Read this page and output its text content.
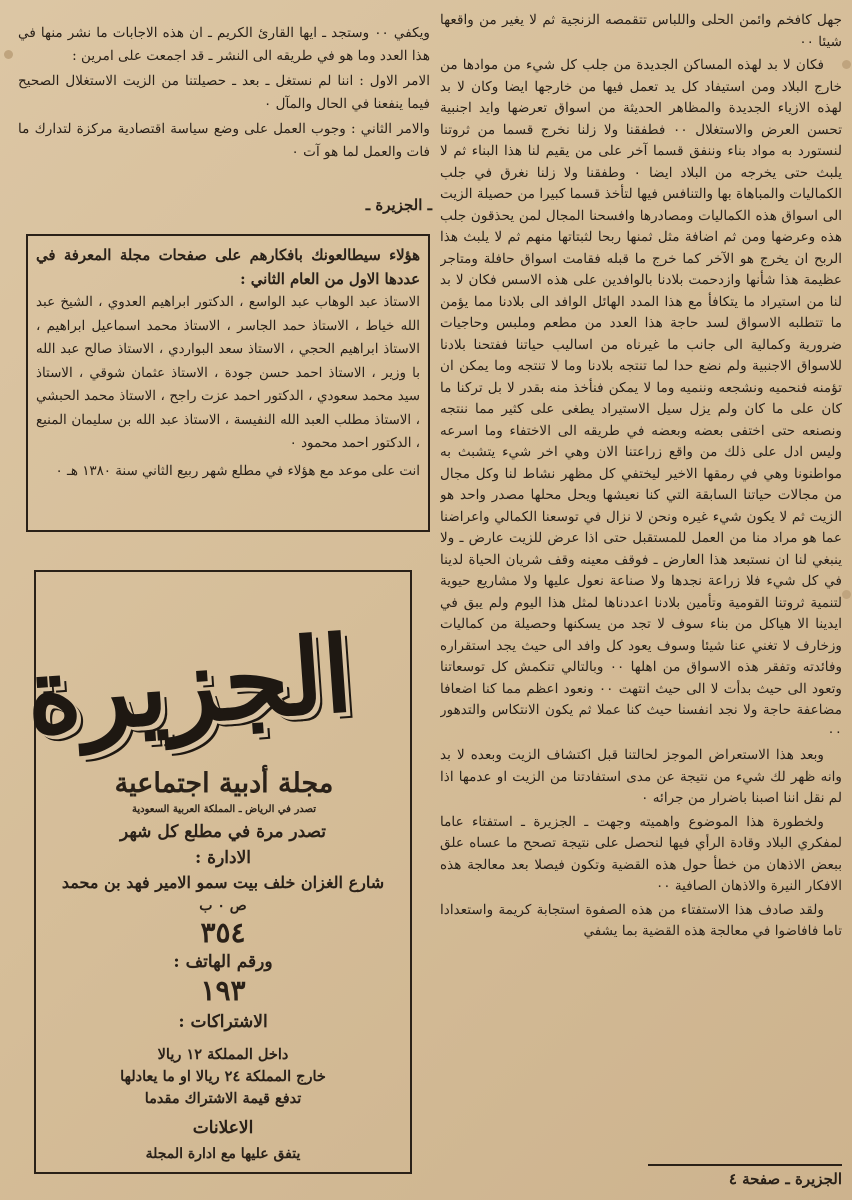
جهل كافخم وائمن الحلى واللباس تتقمصه الزنجية ثم لا يغير من واقعها شيئا ٠٠

فكان لا بد لهذه المساكن الجديدة من جلب كل شيء من موادها من خارج البلاد ومن استيفاد كل يد تعمل فيها من خارجها ايضا وكان لا بد لهذه الازياء الجديدة والمظاهر الحديثة من اسواق تعرضها وايد اجنبية تحسن العرض والاستغلال ٠٠ فطفقنا ولا زلنا نخرج قسما من ثروتنا لنستورد به مواد بناء وننفق قسما آخر على من يقيم لنا هذا البناء ثم لا يلبث حتى يخرجه من البلاد ايضا ٠ وطفقنا ولا زلنا نغرق في جلب الكماليات والمباهاة بها والتنافس فيها لتأخذ قسما كبيرا من حصيلة الزيت الى اسواق هذه الكماليات ومصادرها وافسحنا المجال لمن يحذقون جلب هذه وعرضها ومن ثم اضافة مثل ثمنها ربحا لثبتاتها منهم ثم لا يلبث هذا الربح ان يخرج هو الآخر كما خرج ما قبله فقامت اسواق حافلة ومتاجر عظيمة هذا شأنها وازدحمت بلادنا بالوافدين على هذه الاسس فكان لا بد لنا من استيراد ما يتكافأ مع هذا المدد الهائل الوافد الى بلادنا مما يؤمن ما تتطلبه الاسواق لسد حاجة هذا العدد من مطعم وملبس وحاجيات ضرورية وكمالية الى جانب ما غيرناه من اساليب حياتنا ففتحنا بلادنا للاسواق الاجنبية ولم نضع حدا لما تنتجه بلادنا وما لا تنتجه وما يمكن ان تؤمنه فنحميه ونشجعه وننميه وما لا يمكن فنأخذ منه بقدر لا بل تركنا ما كان على ما كان ولم يزل سيل الاستيراد يطغى على كثير مما ننتجه ونصنعه حتى اختفى بعضه وبعضه في طريقه الى الاختفاء وما اسرعه وليس ادل على ذلك من واقع زراعتنا الان وهي اخر شيء يتشبث به مواطنونا وهي في رمقها الاخير ليختفي كل مظهر نشاط لنا وكل مجال من مجالات حياتنا السابقة التي كنا نعيشها ويحل محلها مصدر واحد هو الزيت ثم لا يكون شيء غيره ونحن لا نزال في توسعنا الكمالي واعراضنا عما هو مراد منا من العمل للمستقبل حتى اذا عرض للزيت عارض ـ ولا ينبغي لنا ان نستبعد هذا العارض ـ فوقف معينه وقف شريان الحياة لدينا في كل شيء فلا زراعة نجدها ولا صناعة نعول عليها ولا مشاريع حيوية لتنمية ثروتنا القومية وتأمين بلادنا اعددناها لمثل هذا اليوم ولم يبق في ايدينا الا هياكل من بناء سوف لا تجد من يسكنها وحصيلة من كماليات وزخارف لا تغني عنا شيئا وسوف يعود كل وافد الى حيث يجد استقراره وفائدته وتفقر هذه الاسواق من اهلها ٠٠ وبالتالي تنكمش كل توسعاتنا وتعود الى حيث بدأت لا الى حيث انتهت ٠٠ ونعود اعظم مما كنا اضعافا مضاعفة حاجة ولا نجد انفسنا حيث كنا عملا ثم يكون الانتكاس والتدهور ٠٠

وبعد هذا الاستعراض الموجز لحالتنا قبل اكتشاف الزيت وبعده لا بد وانه ظهر لك شيء من نتيجة عن مدى استفادتنا من الزيت او عدمها اذا لم نقل اننا اصبنا باضرار من جرائه ٠

ولخطورة هذا الموضوع واهميته وجهت ـ الجزيرة ـ استفتاء عاما لمفكري البلاد وقادة الرأي فيها لنحصل على نتيجة تصحح ما عساه علق ببعض الاذهان من خطأ حول هذه القضية وتكون فيصلا بعد معالجة هذه الافكار النيرة والاذهان الصافية ٠٠

ولقد صادف هذا الاستفتاء من هذه الصفوة استجابة كريمة واستعدادا تاما فافاضوا في معالجة هذه القضية بما يشفي

ويكفي ٠٠ وستجد ـ ايها القارئ الكريم ـ ان هذه الاجابات ما نشر منها في هذا العدد وما هو في طريقه الى النشر ـ قد اجمعت على امرين :

الامر الاول : اننا لم نستغل ـ بعد ـ حصيلتنا من الزيت الاستغلال الصحيح فيما ينفعنا في الحال والمآل ٠

والامر الثاني : وجوب العمل على وضع سياسة اقتصادية مركزة لتدارك ما فات والعمل لما هو آت ٠

ـ الجزيرة ـ
هؤلاء سيطالعونك بافكارهم على صفحات مجلة المعرفة في عددها الاول من العام الثاني :

الاستاذ عبد الوهاب عبد الواسع ، الدكتور ابراهيم العدوي ، الشيخ عبد الله خياط ، الاستاذ حمد الجاسر ، الاستاذ محمد اسماعيل ابراهيم ، الاستاذ ابراهيم الحجي ، الاستاذ سعد البواردي ، الاستاذ صالح عبد الله با وزير ، الاستاذ احمد حسن جودة ، الاستاذ عثمان شوقي ، الاستاذ سيد محمد سعودي ، الدكتور احمد عزت راجح ، الاستاذ محمد الحبشي ، الاستاذ مطلب العبد الله النفيسة ، الاستاذ عبد الله بن سليمان المنيع ، الدكتور احمد محمود ٠

انت على موعد مع هؤلاء في مطلع شهر ربيع الثاني سنة ١٣٨٠ هـ ٠

الجزيرة
مجلة أدبية اجتماعية
تصدر في الرياض ـ المملكة العربية السعودية
تصدر مرة في مطلع كل شهر
الادارة :
شارع الغزان خلف بيت سمو الامير فهد بن محمد
ص ٠ ب
٣٥٤
ورقم الهاتف :
١٩٣
الاشتراكات :
داخل المملكة ١٢ ريالا
خارج المملكة ٢٤ ريالا او ما يعادلها
تدفع قيمة الاشتراك مقدما
الاعلانات
يتفق عليها مع ادارة المجلة
الجزيرة ـ صفحة ٤
